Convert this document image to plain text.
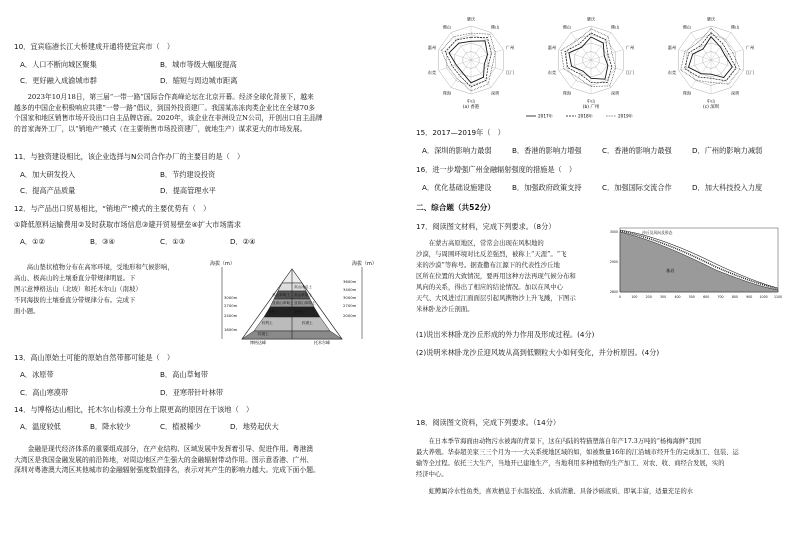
10．宜宾临港长江大桥建成开通将使宜宾市（　）
A．人口不断向城区聚集	B．城市等级大幅度提高
C．更好融入成渝城市群	D．缩短与周边城市距离
　　2023年10月18日，第三届“一带一路”国际合作高峰论坛在北京开幕。经济全球化背景下，越来
越多的中国企业积极响应共建“一带一路”倡议，到国外投资建厂。我国某冻冻肉类企业比在全球70多
个国家和地区销售市场开设出口自主品牌店面。2020年，该企业在非洲设立N公司，开创出口自主品牌
的首家海外工厂，以“销地产”模式（在主要销售市场投资建厂，就地生产）谋求更大的市场发展。
11．与独资建设相比，该企业选择与N公司合作办厂的主要目的是（　）
A．加大研发投入	B．节约建设投资
C．提高产品质量	D．提高管理水平
12．与产品出口贸易相比，“销地产”模式的主要优势有（　）
①降低原料运输费用②及时获取市场信息③避开贸易壁垒④扩大市场需求
A．①②	B．③④	C．①③	D．②④
　　高山垫状植物分布在高寒环境，受地形和气候影响，
高山、极高山的土壤垂直分带规律明显。下
图示意博格达山（北坡）和托木尔山（南坡）
不同海拔的土壤垂直分带规律分布。完成下
面小题。
海拔（m）	海拔（m）
高山草甸土
亚高山草甸土
黑钙土
棕钙土
棕漠土
高山冰沼土
高山草原土
亚高山草原土
栗钙土
棕漠土
3000m
2700m
2400m
1600m
3600m
3400m
3000m
2700m
2000m
博格达峰	托木尔峰
13．高山原始土可能的原始自然带都可能是（　）
A．冰原带	B．高山草甸带
C．高山寒漠带	D．亚寒带针叶林带
14．与博格达山相比，托木尔山棕漠土分布上限更高的原因在于该地（　）
A．温度较低	B．降水较少	C．植被稀少	D．地势起伏大
　　金融是现代经济体系的重要组成部分，在产业结构、区域发展中发挥着引导、促进作用。粤港澳
大湾区是我国金融发展的前沿阵地，对周边地区产生强大的金融辐射带动作用。图示意香港、广州、
深圳对粤港澳大湾区其他城市的金融辐射强度数值排名，表示对其产生的影响力越大。完成下面小题。
肇庆
佛山
广州
江门
深圳
中山
珠海
东莞
惠州
佛山
(a) 香港
肇庆
佛山
广州
江门
深圳
中山
珠海
东莞
惠州
佛山
(b) 广州
肇庆
佛山
广州
江门
深圳
中山
珠海
东莞
惠州
佛山
(c) 深圳
2017年	2018年	2019年
15．2017—2019年（　）
A．深圳的影响力最弱	B．香港的影响力增强	C．香港的影响力最强	D．广州的影响力减弱
16．进一步增强广州金融辐射强度的措施是（　）
A．优化基础设施建设	B．加强政府政策支持	C．加强国际交流合作	D．加大科技投入力度
二、综合题（共52分）
17．阅读图文材料，完成下列要求。（8分）
　　在蒙古高原地区，常常会出现在风积地的
沙漠，与周围环境对比反差强烈，被称上“天涯”。“飞
来的沙漠”等称号。据查撒布江源下的代表性沙丘地
区所在位置的大致情况，要再用这种方法再现气候分布和
风向的关系，得出了相应的结论情况。加以在风中心
天气、大风进过江面面层引起风携物沙上升飞溅，下图示
米林卧龙沙丘剖面。
沙丘及风向及形态
基岩
0	100	200	300	400	500	600	700	800	900 1000 1100
3000
2900
2800
(1)说出米林卧龙沙丘形成的外力作用及形成过程。(4分)
(2)说明米林卧龙沙丘迎风坡从高到低颗粒大小如何变化，并分析原因。(4分)
18．阅读图文资料，完成下列要求。（14分）
　　在日本季节海面由动物污水被海的背景下，这在内陆的特猫塑落自年产17.3万吨的“杨梅海鲜”我国
最大养殖。华泰超美家三三个月为一一大关系统地区域的如，如被数量16年的江沿城市经开生的完成加工、包装、运
输等全过程。依托三大生产，当地开已建地生产，当地利用多种植物的生产加工、对农、收、商经合发展，实的
经济中心。
　　虹鳟属冷水性鱼类，喜欢栖息于水温较低、水质清澈、具备沙砾底质、即氧丰富，适量充足的水
